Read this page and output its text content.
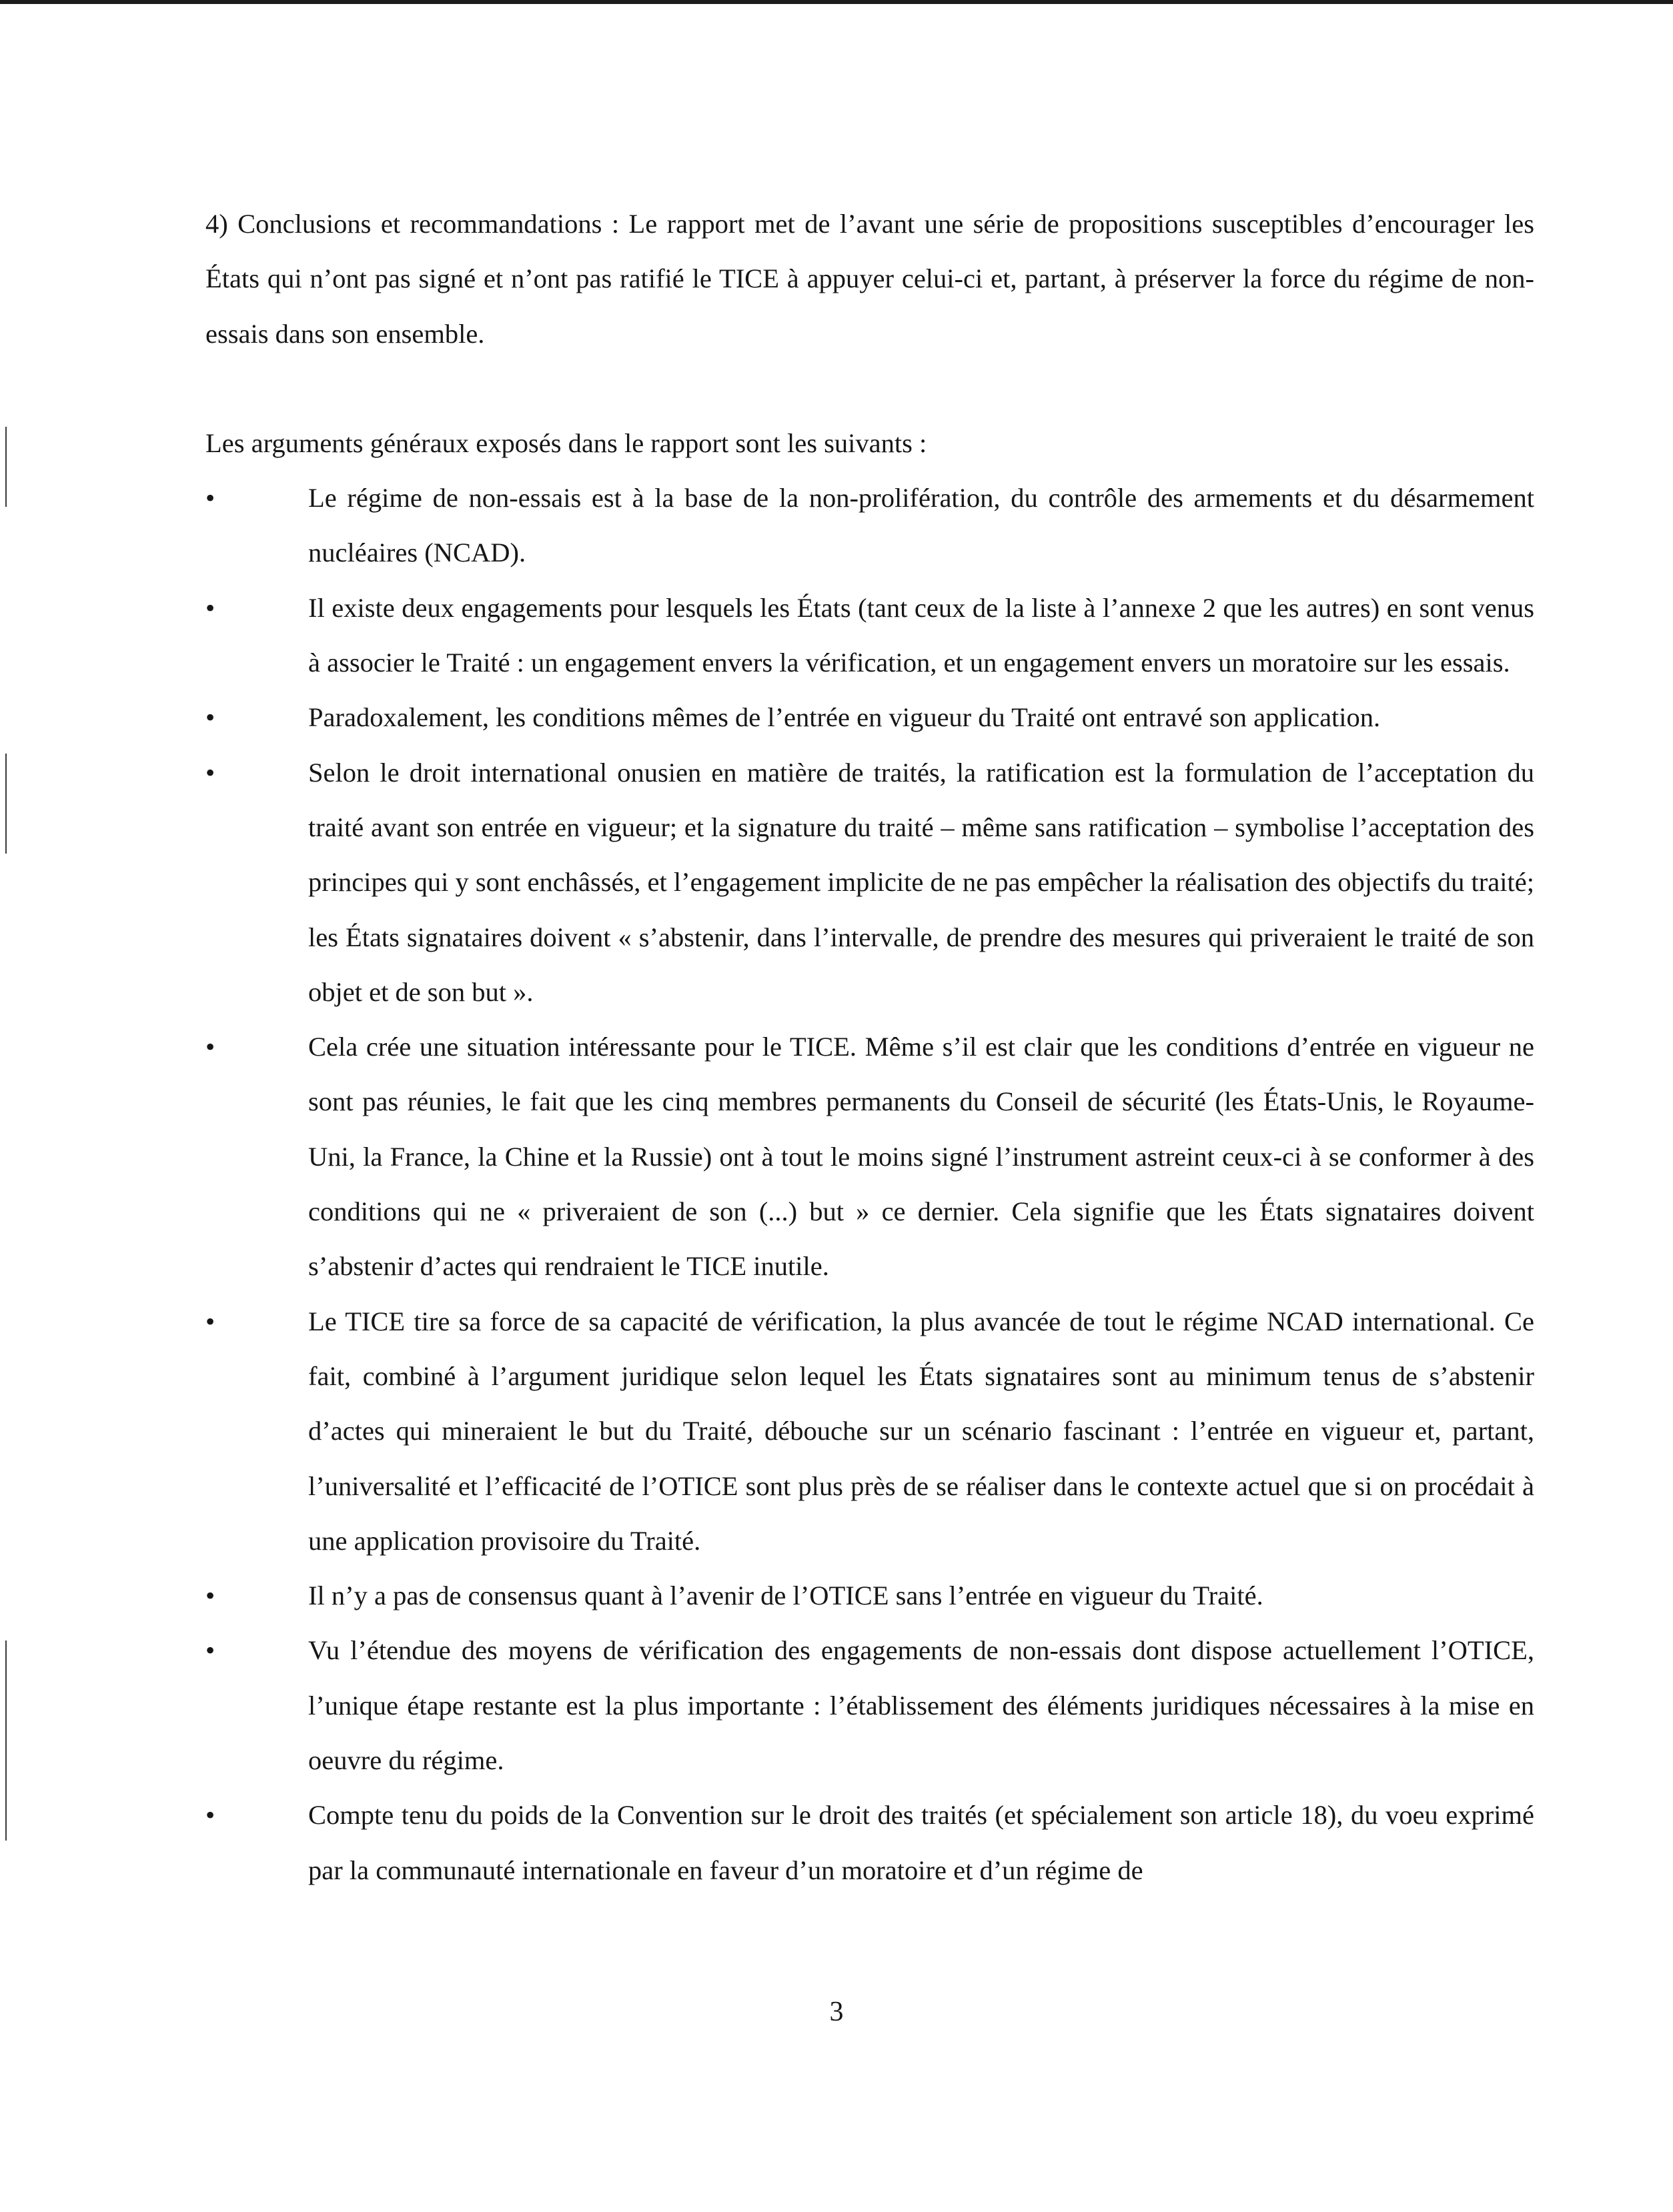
4) Conclusions et recommandations : Le rapport met de l’avant une série de propositions susceptibles d’encourager les États qui n’ont pas signé et n’ont pas ratifié le TICE à appuyer celui-ci et, partant, à préserver la force du régime de non-essais dans son ensemble.

Les arguments généraux exposés dans le rapport sont les suivants :

•	Le régime de non-essais est à la base de la non-prolifération, du contrôle des armements et du désarmement nucléaires (NCAD).
•	Il existe deux engagements pour lesquels les États (tant ceux de la liste à l’annexe 2 que les autres) en sont venus à associer le Traité : un engagement envers la vérification, et un engagement envers un moratoire sur les essais.
•	Paradoxalement, les conditions mêmes de l’entrée en vigueur du Traité ont entravé son application.
•	Selon le droit international onusien en matière de traités, la ratification est la formulation de l’acceptation du traité avant son entrée en vigueur; et la signature du traité – même sans ratification – symbolise l’acceptation des principes qui y sont enchâssés, et l’engagement implicite de ne pas empêcher la réalisation des objectifs du traité; les États signataires doivent « s’abstenir, dans l’intervalle, de prendre des mesures qui priveraient le traité de son objet et de son but ».
•	Cela crée une situation intéressante pour le TICE. Même s’il est clair que les conditions d’entrée en vigueur ne sont pas réunies, le fait que les cinq membres permanents du Conseil de sécurité (les États-Unis, le Royaume-Uni, la France, la Chine et la Russie) ont à tout le moins signé l’instrument astreint ceux-ci à se conformer à des conditions qui ne « priveraient de son (...) but » ce dernier. Cela signifie que les États signataires doivent s’abstenir d’actes qui rendraient le TICE inutile.
•	Le TICE tire sa force de sa capacité de vérification, la plus avancée de tout le régime NCAD international. Ce fait, combiné à l’argument juridique selon lequel les États signataires sont au minimum tenus de s’abstenir d’actes qui mineraient le but du Traité, débouche sur un scénario fascinant : l’entrée en vigueur et, partant, l’universalité et l’efficacité de l’OTICE sont plus près de se réaliser dans le contexte actuel que si on procédait à une application provisoire du Traité.
•	Il n’y a pas de consensus quant à l’avenir de l’OTICE sans l’entrée en vigueur du Traité.
•	Vu l’étendue des moyens de vérification des engagements de non-essais dont dispose actuellement l’OTICE, l’unique étape restante est la plus importante : l’établissement des éléments juridiques nécessaires à la mise en oeuvre du régime.
•	Compte tenu du poids de la Convention sur le droit des traités (et spécialement son article 18), du voeu exprimé par la communauté internationale en faveur d’un moratoire et d’un régime de
3
